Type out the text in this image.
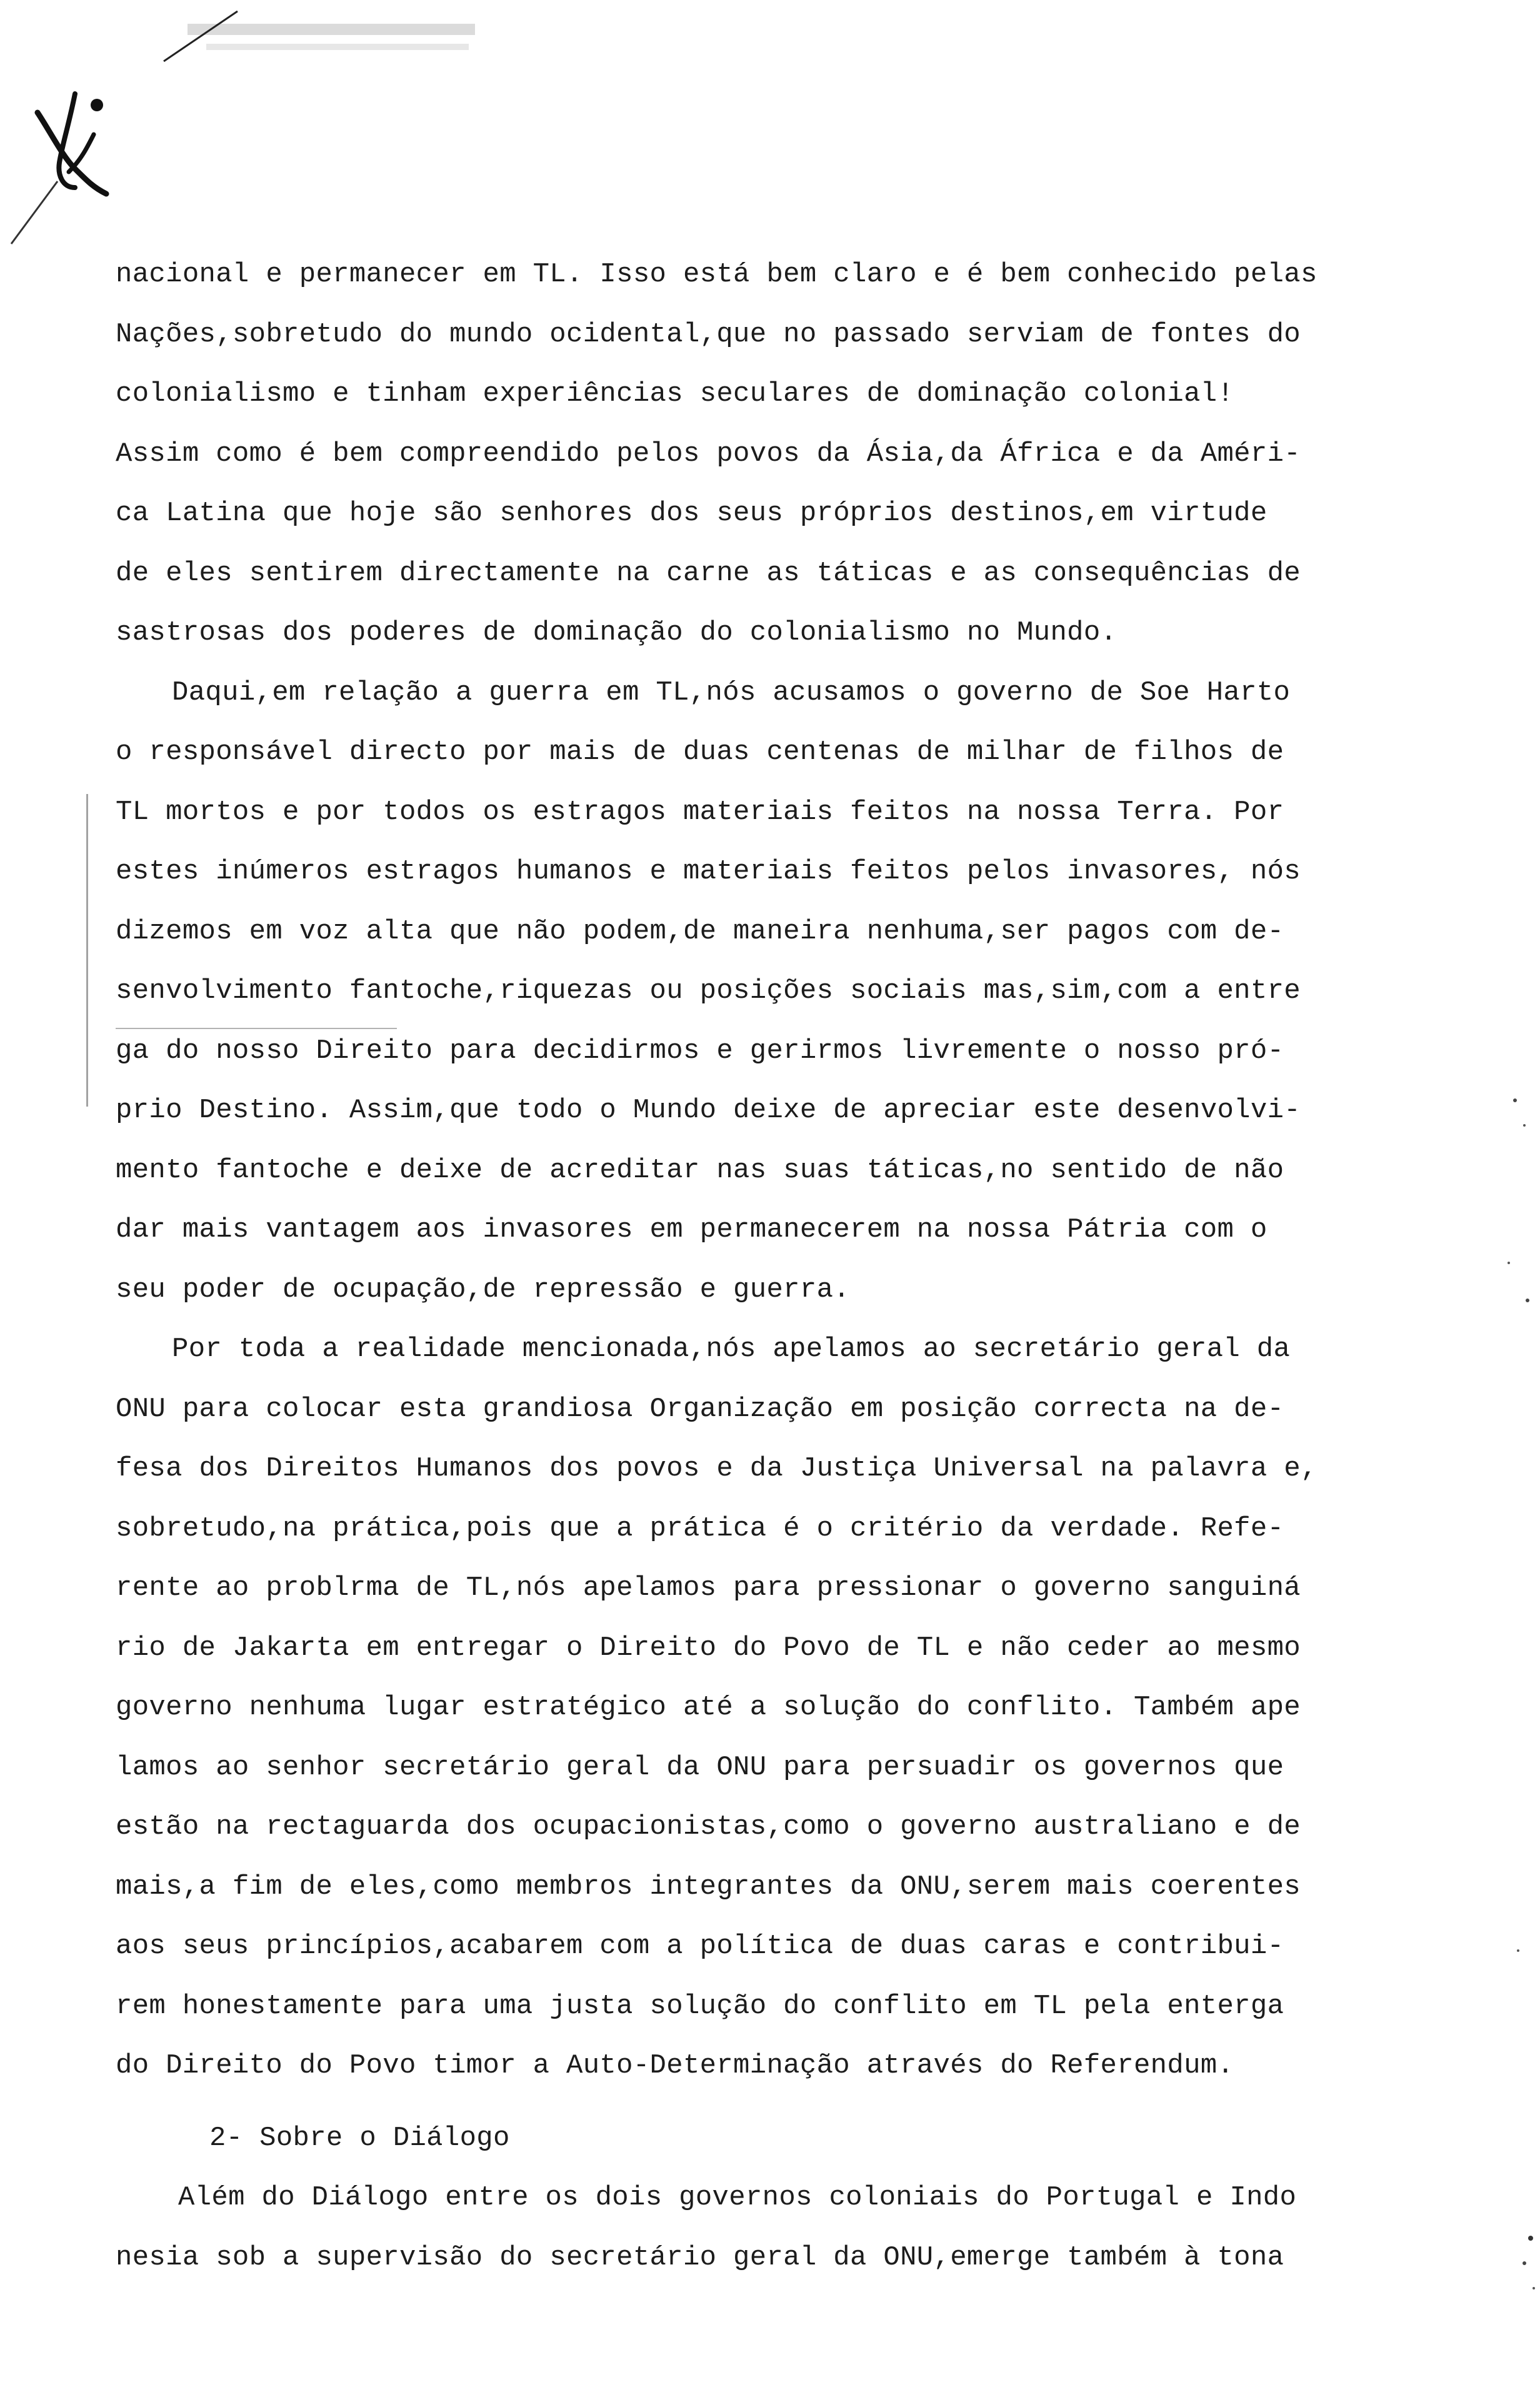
nacional e permanecer em TL. Isso está bem claro e é bem conhecido pelas
Nações,sobretudo do mundo ocidental,que no passado serviam de fontes do
colonialismo e tinham experiências seculares de dominação colonial!
Assim como é bem compreendido pelos povos da Ásia,da África e da Améri-
ca Latina que hoje são senhores dos seus próprios destinos,em virtude
de eles sentirem directamente na carne as táticas e as consequências de
sastrosas dos poderes de dominação do colonialismo no Mundo.
Daqui,em relação a guerra em TL,nós acusamos o governo de Soe Harto
o responsável directo por mais de duas centenas de milhar de filhos de
TL mortos e por todos os estragos materiais feitos na nossa Terra. Por
estes inúmeros estragos humanos e materiais feitos pelos invasores, nós
dizemos em voz alta que não podem,de maneira nenhuma,ser pagos com de-
senvolvimento fantoche,riquezas ou posições sociais mas,sim,com a entre
ga do nosso Direito para decidirmos e gerirmos livremente o nosso pró-
prio Destino. Assim,que todo o Mundo deixe de apreciar este desenvolvi-
mento fantoche e deixe de acreditar nas suas táticas,no sentido de não
dar mais vantagem aos invasores em permanecerem na nossa Pátria com o
seu poder de ocupação,de repressão e guerra.
Por toda a realidade mencionada,nós apelamos ao secretário geral da
ONU para colocar esta grandiosa Organização em posição correcta na de-
fesa dos Direitos Humanos dos povos e da Justiça Universal na palavra e,
sobretudo,na prática,pois que a prática é o critério da verdade. Refe-
rente ao problrma de TL,nós apelamos para pressionar o governo sanguiná
rio de Jakarta em entregar o Direito do Povo de TL e não ceder ao mesmo
governo nenhuma lugar estratégico até a solução do conflito. Também ape
lamos ao senhor secretário geral da ONU para persuadir os governos que
estão na rectaguarda dos ocupacionistas,como o governo australiano e de
mais,a fim de eles,como membros integrantes da ONU,serem mais coerentes
aos seus princípios,acabarem com a política de duas caras e contribui-
rem honestamente para uma justa solução do conflito em TL pela enterga
do Direito do Povo timor a Auto-Determinação através do Referendum.
2- Sobre o Diálogo
Além do Diálogo entre os dois governos coloniais do Portugal e Indo
nesia sob a supervisão do secretário geral da ONU,emerge também à tona
